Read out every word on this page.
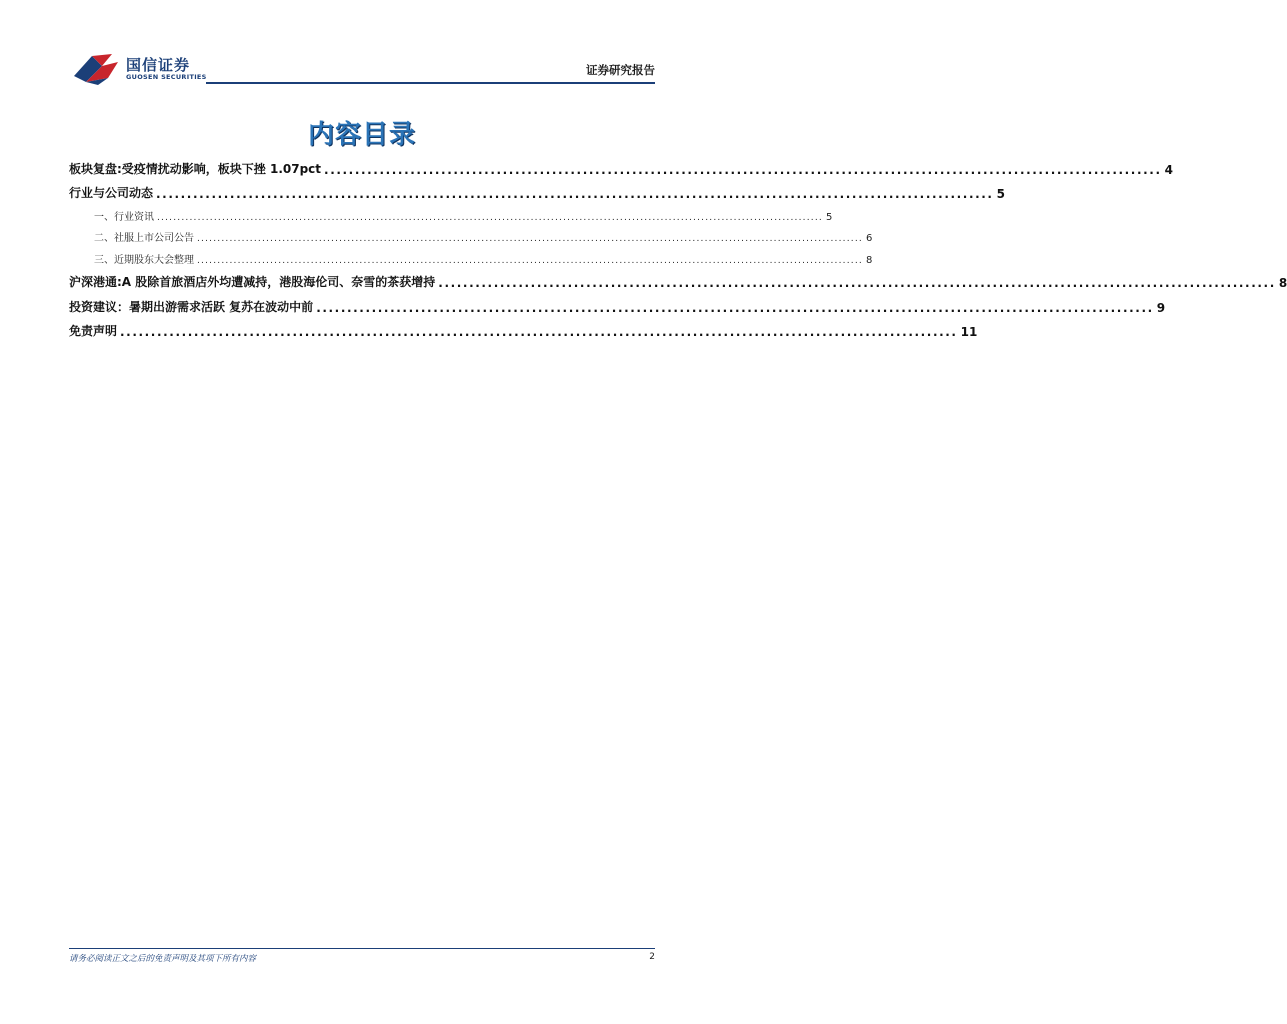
国信证券
GUOSEN SECURITIES	证券研究报告
内容目录
板块复盘:受疫情扰动影响，板块下挫 1.07pct ........................................................................................................................................ 4
行业与公司动态 ........................................................................................................................................ 5
一、行业资讯 .................................................................................................................................................................... 5
二、社服上市公司公告 .................................................................................................................................................................... 6
三、近期股东大会整理 .................................................................................................................................................................... 8
沪深港通:A 股除首旅酒店外均遭减持，港股海伦司、奈雪的茶获增持 ........................................................................................................................................ 8
投资建议：暑期出游需求活跃 复苏在波动中前 ........................................................................................................................................ 9
免责声明 ........................................................................................................................................ 11
请务必阅读正文之后的免责声明及其项下所有内容	2
